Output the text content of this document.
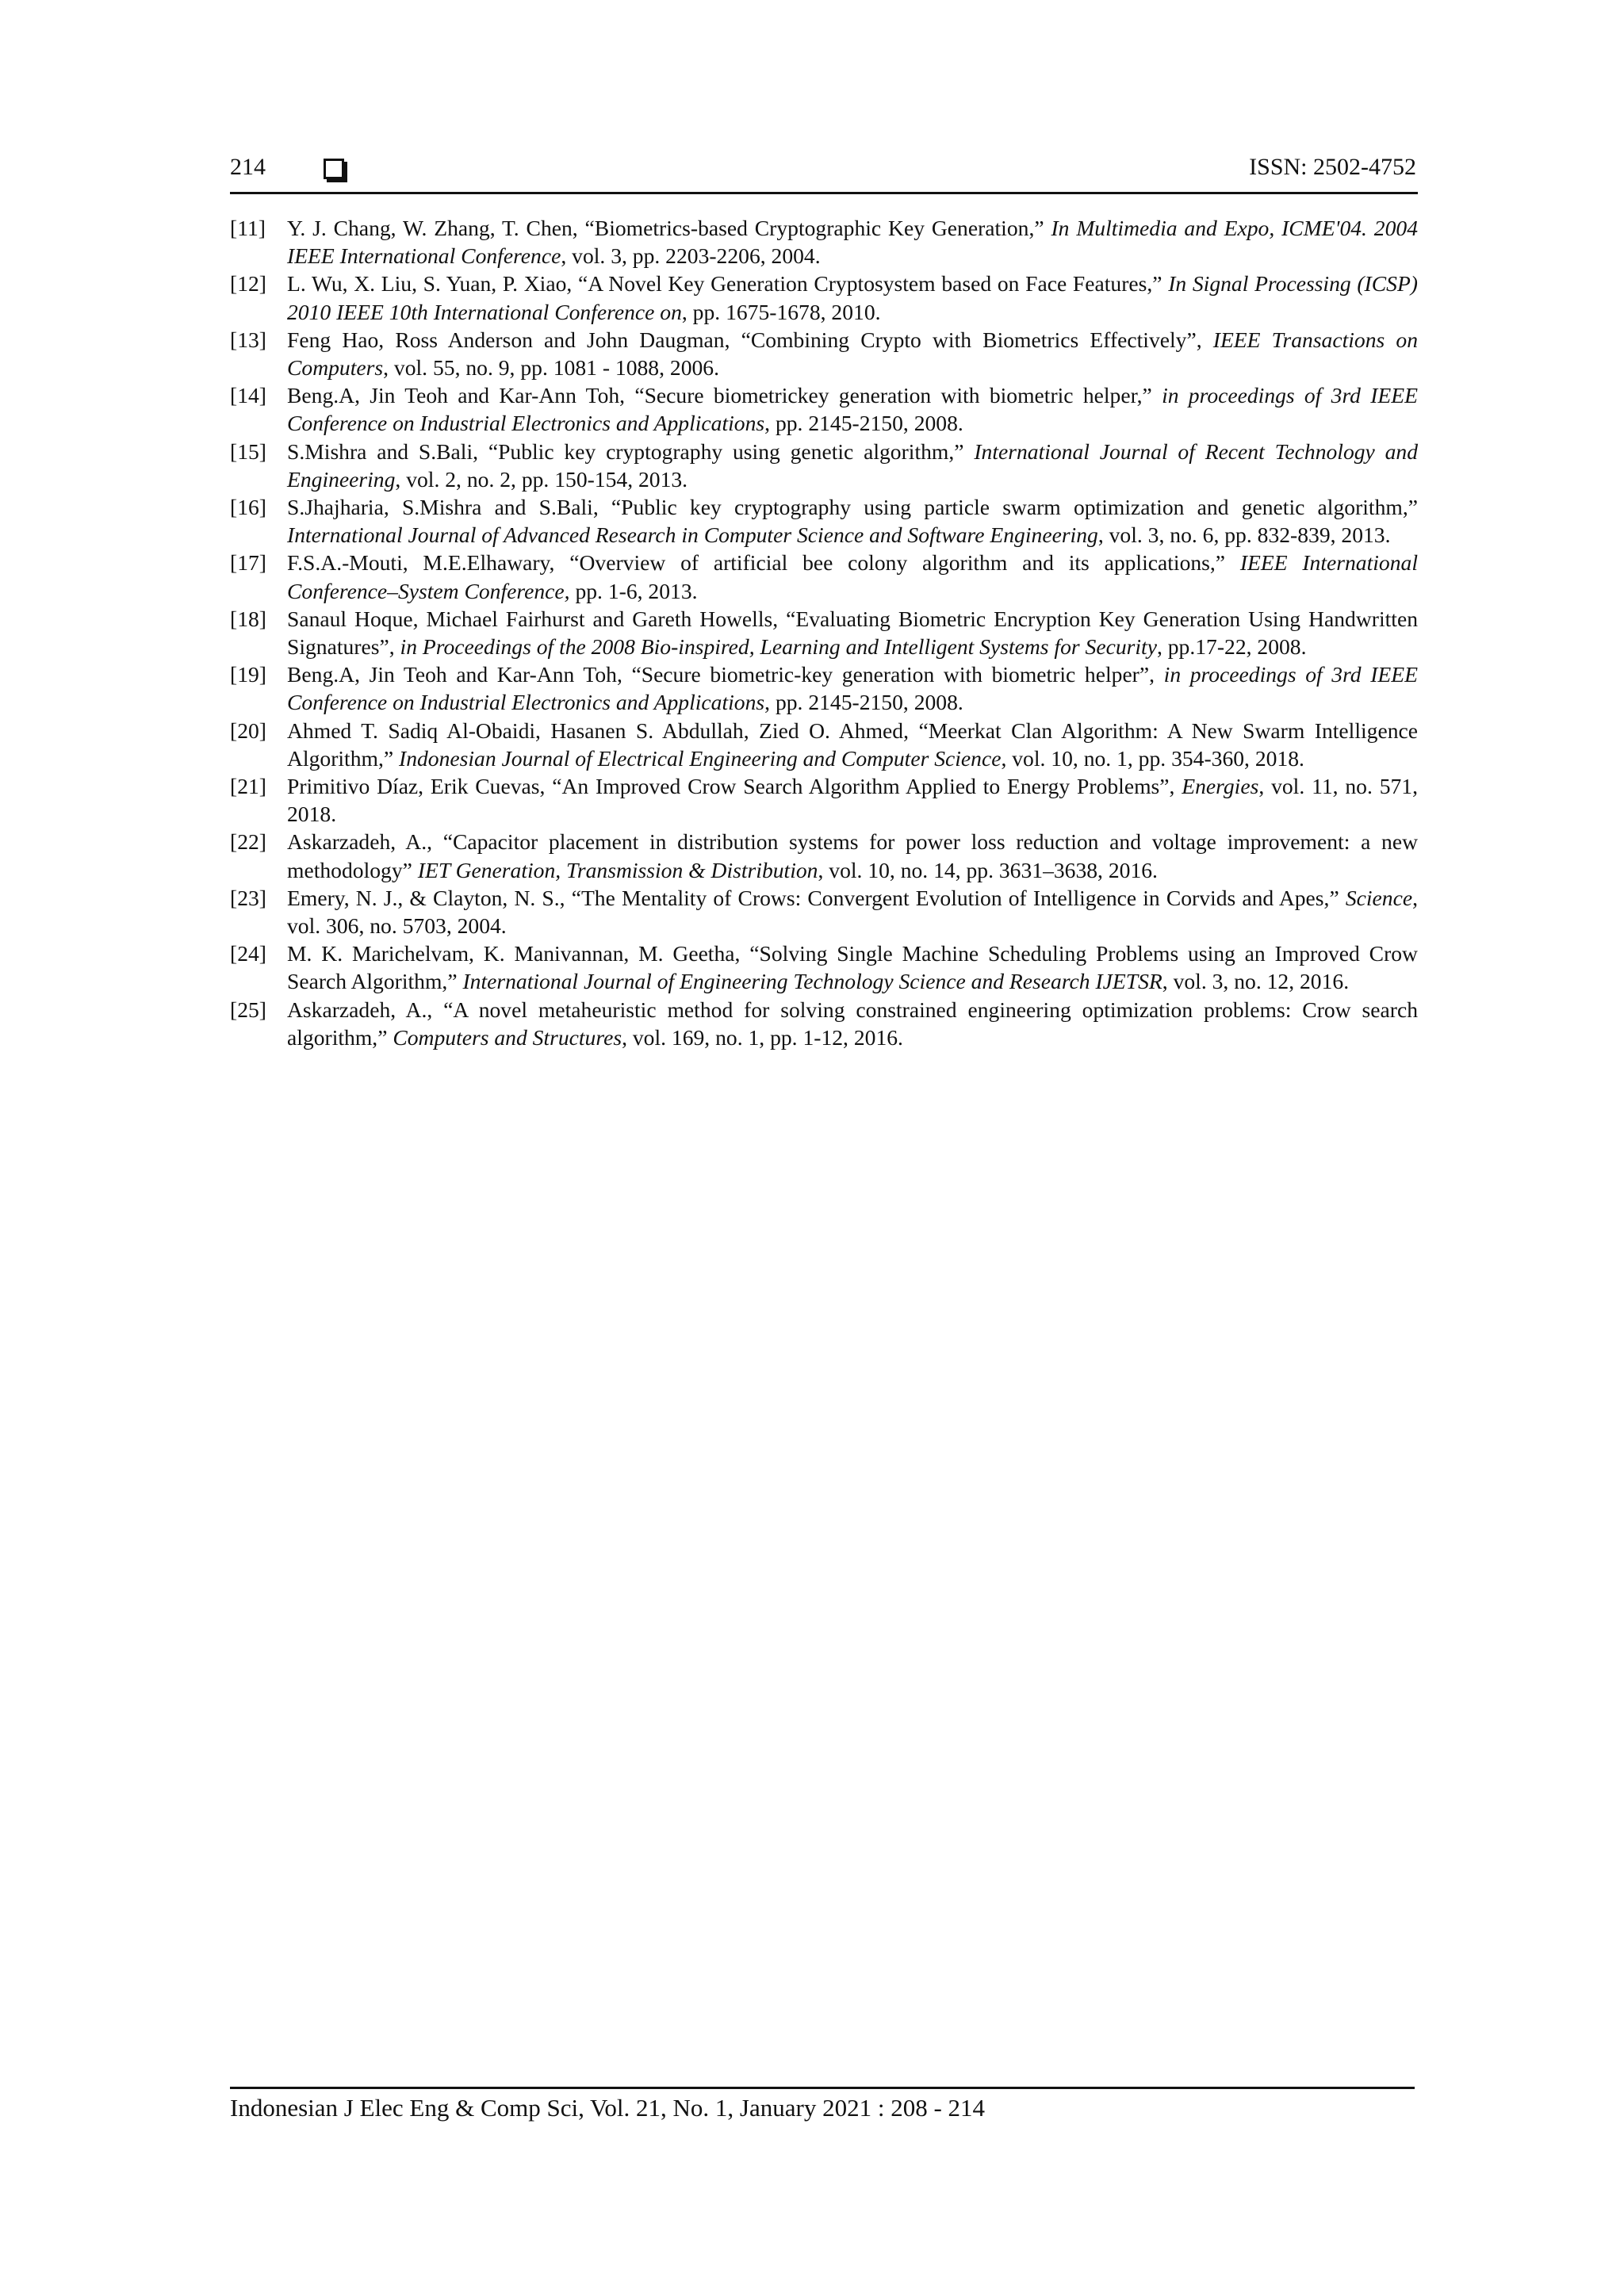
214	ISSN: 2502-4752
[11] Y. J. Chang, W. Zhang, T. Chen, “Biometrics-based Cryptographic Key Generation,” In Multimedia and Expo, ICME'04. 2004 IEEE International Conference, vol. 3, pp. 2203-2206, 2004.
[12] L. Wu, X. Liu, S. Yuan, P. Xiao, “A Novel Key Generation Cryptosystem based on Face Features,” In Signal Processing (ICSP) 2010 IEEE 10th International Conference on, pp. 1675-1678, 2010.
[13] Feng Hao, Ross Anderson and John Daugman, “Combining Crypto with Biometrics Effectively”, IEEE Transactions on Computers, vol. 55, no. 9, pp. 1081 - 1088, 2006.
[14] Beng.A, Jin Teoh and Kar-Ann Toh, “Secure biometrickey generation with biometric helper,” in proceedings of 3rd IEEE Conference on Industrial Electronics and Applications, pp. 2145-2150, 2008.
[15] S.Mishra and S.Bali, “Public key cryptography using genetic algorithm,” International Journal of Recent Technology and Engineering, vol. 2, no. 2, pp. 150-154, 2013.
[16] S.Jhajharia, S.Mishra and S.Bali, “Public key cryptography using particle swarm optimization and genetic algorithm,” International Journal of Advanced Research in Computer Science and Software Engineering, vol. 3, no. 6, pp. 832-839, 2013.
[17] F.S.A.-Mouti, M.E.Elhawary, “Overview of artificial bee colony algorithm and its applications,” IEEE International Conference–System Conference, pp. 1-6, 2013.
[18] Sanaul Hoque, Michael Fairhurst and Gareth Howells, “Evaluating Biometric Encryption Key Generation Using Handwritten Signatures”, in Proceedings of the 2008 Bio-inspired, Learning and Intelligent Systems for Security, pp.17-22, 2008.
[19] Beng.A, Jin Teoh and Kar-Ann Toh, “Secure biometric-key generation with biometric helper”, in proceedings of 3rd IEEE Conference on Industrial Electronics and Applications, pp. 2145-2150, 2008.
[20] Ahmed T. Sadiq Al-Obaidi, Hasanen S. Abdullah, Zied O. Ahmed, “Meerkat Clan Algorithm: A New Swarm Intelligence Algorithm,” Indonesian Journal of Electrical Engineering and Computer Science, vol. 10, no. 1, pp. 354-360, 2018.
[21] Primitivo Díaz, Erik Cuevas, “An Improved Crow Search Algorithm Applied to Energy Problems”, Energies, vol. 11, no. 571, 2018.
[22] Askarzadeh, A., “Capacitor placement in distribution systems for power loss reduction and voltage improvement: a new methodology” IET Generation, Transmission & Distribution, vol. 10, no. 14, pp. 3631–3638, 2016.
[23] Emery, N. J., & Clayton, N. S., “The Mentality of Crows: Convergent Evolution of Intelligence in Corvids and Apes,” Science, vol. 306, no. 5703, 2004.
[24] M. K. Marichelvam, K. Manivannan, M. Geetha, “Solving Single Machine Scheduling Problems using an Improved Crow Search Algorithm,” International Journal of Engineering Technology Science and Research IJETSR, vol. 3, no. 12, 2016.
[25] Askarzadeh, A., “A novel metaheuristic method for solving constrained engineering optimization problems: Crow search algorithm,” Computers and Structures, vol. 169, no. 1, pp. 1-12, 2016.
Indonesian J Elec Eng & Comp Sci, Vol. 21, No. 1, January 2021 : 208 - 214
